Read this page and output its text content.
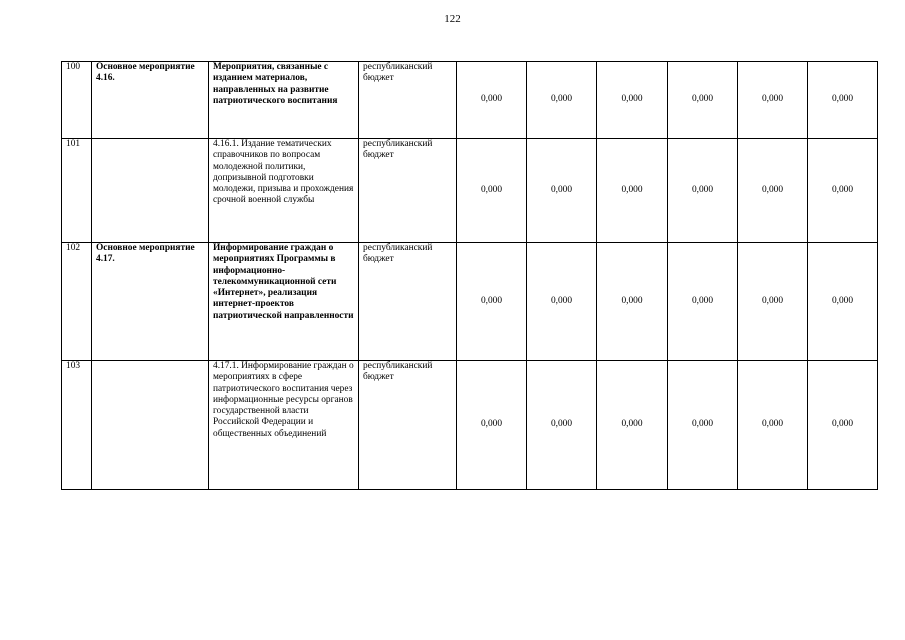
122
100	Основное мероприятие 4.16.	Мероприятия, связанные с изданием материалов, направленных на развитие патриотического воспитания	республиканский бюджет	0,000	0,000	0,000	0,000	0,000	0,000
101		4.16.1. Издание тематических справочников по вопросам молодежной политики, допризывной подготовки молодежи, призыва и прохождения срочной военной службы	республиканский бюджет	0,000	0,000	0,000	0,000	0,000	0,000
102	Основное мероприятие 4.17.	Информирование граждан о мероприятиях Программы в информационно-телекоммуникационной сети «Интернет», реализация интернет-проектов патриотической направленности	республиканский бюджет	0,000	0,000	0,000	0,000	0,000	0,000
103		4.17.1. Информирование граждан о мероприятиях в сфере патриотического воспитания через информационные ресурсы органов государственной власти Российской Федерации и общественных объединений	республиканский бюджет	0,000	0,000	0,000	0,000	0,000	0,000
